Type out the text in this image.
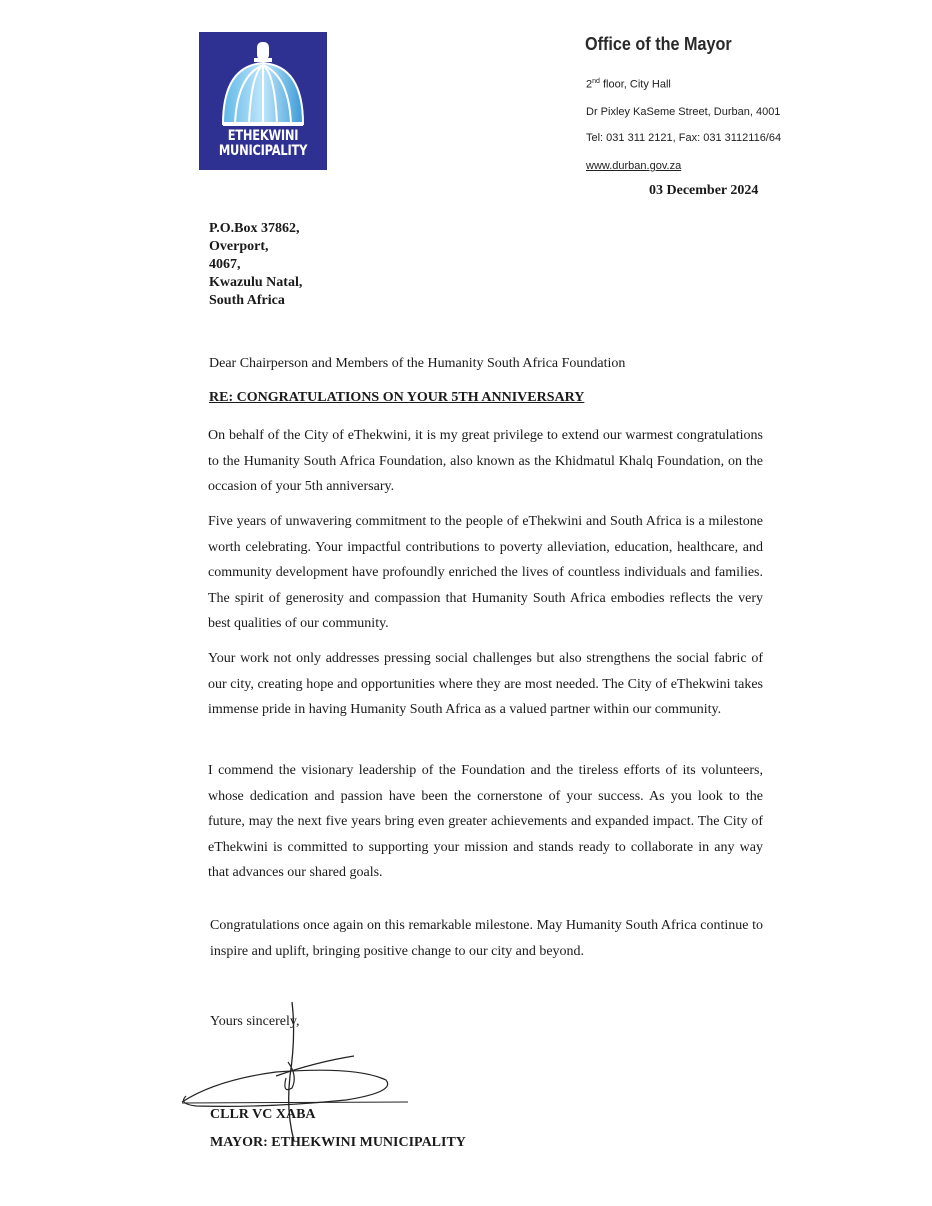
ETHEKWINI
MUNICIPALITY
Office of the Mayor
2nd floor, City Hall
Dr Pixley KaSeme Street, Durban, 4001
Tel: 031 311 2121, Fax: 031 3112116/64
www.durban.gov.za
03 December 2024
P.O.Box 37862,
Overport,
4067,
Kwazulu Natal,
South Africa
Dear Chairperson and Members of the Humanity South Africa Foundation
RE: CONGRATULATIONS ON YOUR 5TH ANNIVERSARY
On behalf of the City of eThekwini, it is my great privilege to extend our warmest congratulations to the Humanity South Africa Foundation, also known as the Khidmatul Khalq Foundation, on the occasion of your 5th anniversary.
Five years of unwavering commitment to the people of eThekwini and South Africa is a milestone worth celebrating. Your impactful contributions to poverty alleviation, education, healthcare, and community development have profoundly enriched the lives of countless individuals and families. The spirit of generosity and compassion that Humanity South Africa embodies reflects the very best qualities of our community.
Your work not only addresses pressing social challenges but also strengthens the social fabric of our city, creating hope and opportunities where they are most needed. The City of eThekwini takes immense pride in having Humanity South Africa as a valued partner within our community.
I commend the visionary leadership of the Foundation and the tireless efforts of its volunteers, whose dedication and passion have been the cornerstone of your success. As you look to the future, may the next five years bring even greater achievements and expanded impact. The City of eThekwini is committed to supporting your mission and stands ready to collaborate in any way that advances our shared goals.
Congratulations once again on this remarkable milestone. May Humanity South Africa continue to inspire and uplift, bringing positive change to our city and beyond.
Yours sincerely,
CLLR VC XABA
MAYOR: ETHEKWINI MUNICIPALITY
